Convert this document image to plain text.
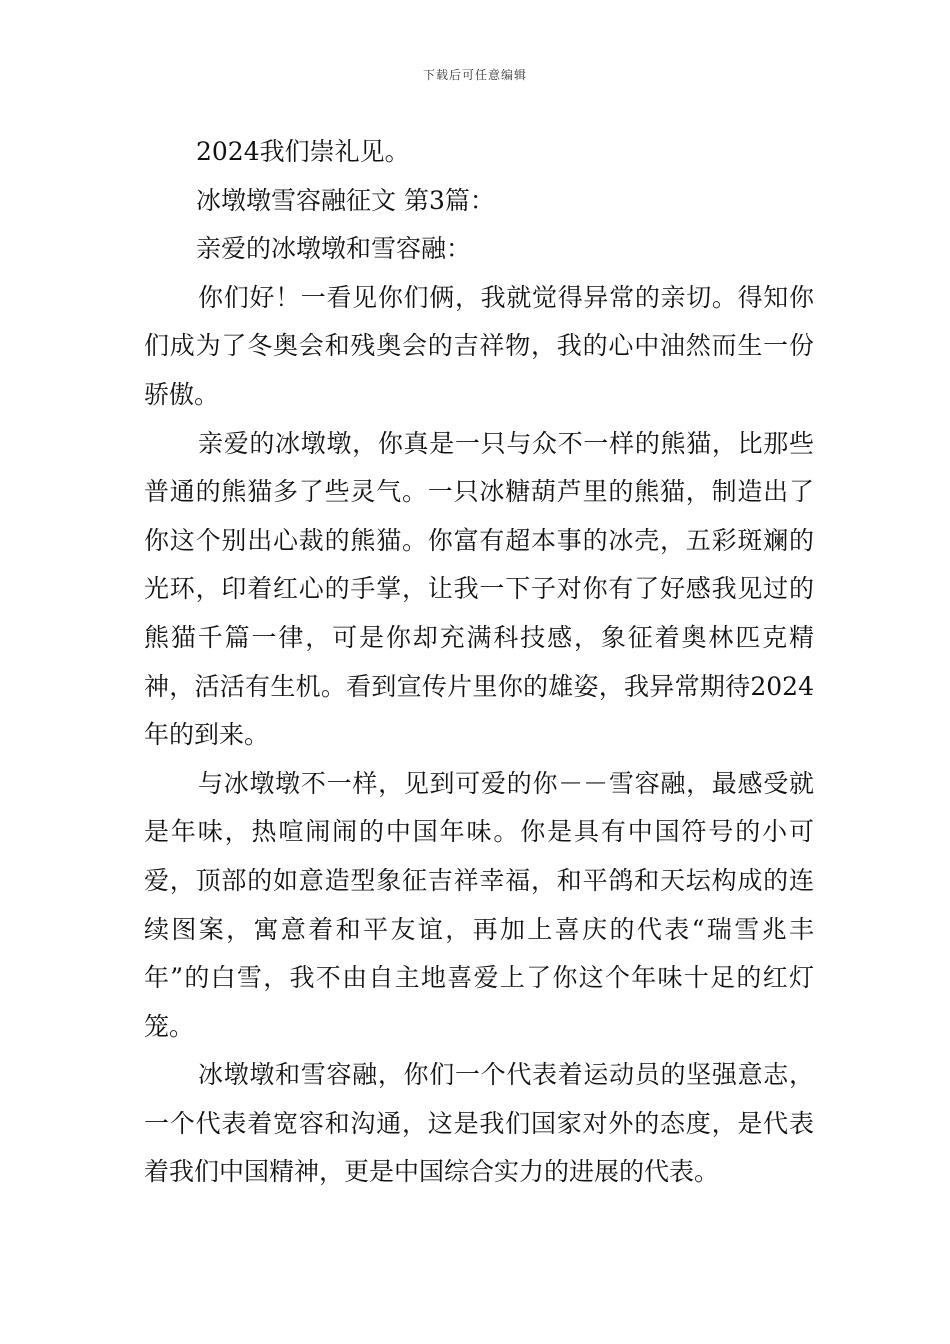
下载后可任意编辑

2024我们崇礼见。

冰墩墩雪容融征文 第3篇：

亲爱的冰墩墩和雪容融：

你们好！一看见你们俩，我就觉得异常的亲切。得知你们成为了冬奥会和残奥会的吉祥物，我的心中油然而生一份骄傲。

亲爱的冰墩墩，你真是一只与众不一样的熊猫，比那些普通的熊猫多了些灵气。一只冰糖葫芦里的熊猫，制造出了你这个别出心裁的熊猫。你富有超本事的冰壳，五彩斑斓的光环，印着红心的手掌，让我一下子对你有了好感我见过的熊猫千篇一律，可是你却充满科技感，象征着奥林匹克精神，活活有生机。看到宣传片里你的雄姿，我异常期待2024年的到来。

与冰墩墩不一样，见到可爱的你－－雪容融，最感受就是年味，热喧闹闹的中国年味。你是具有中国符号的小可爱，顶部的如意造型象征吉祥幸福，和平鸽和天坛构成的连续图案，寓意着和平友谊，再加上喜庆的代表“瑞雪兆丰年”的白雪，我不由自主地喜爱上了你这个年味十足的红灯笼。

冰墩墩和雪容融，你们一个代表着运动员的坚强意志，一个代表着宽容和沟通，这是我们国家对外的态度，是代表着我们中国精神，更是中国综合实力的进展的代表。
